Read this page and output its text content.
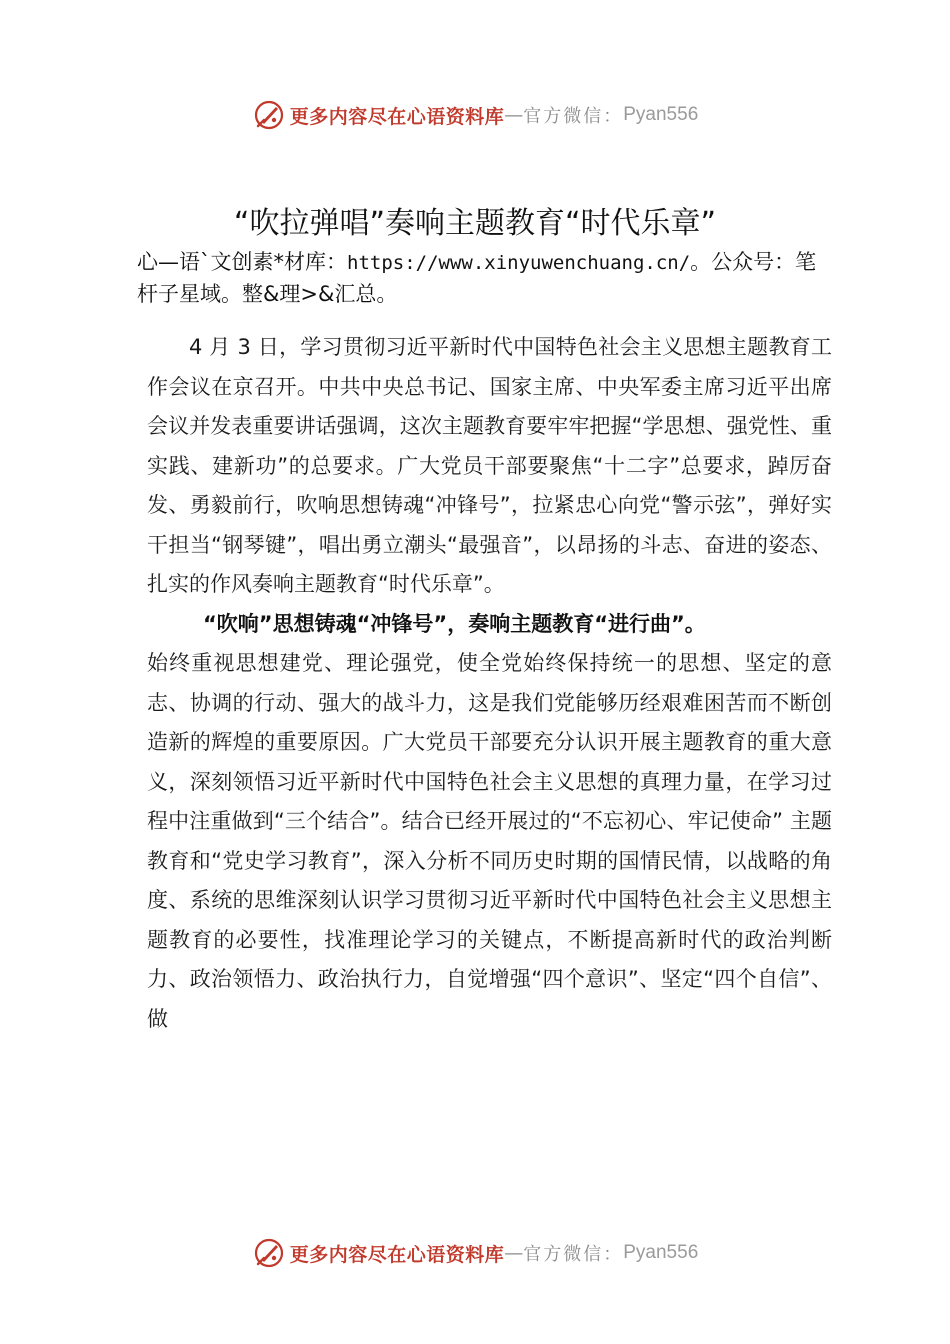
更多内容尽在心语资料库 — 官方微信： Pyan556
“吹拉弹唱”奏响主题教育“时代乐章”
心—语`文创素*材库：https://www.xinyuwenchuang.cn/。公众号：笔杆子星域。整&理>&汇总。

4 月 3 日，学习贯彻习近平新时代中国特色社会主义思想主题教育工作会议在京召开。中共中央总书记、国家主席、中央军委主席习近平出席会议并发表重要讲话强调，这次主题教育要牢牢把握“学思想、强党性、重实践、建新功”的总要求。广大党员干部要聚焦“十二字”总要求，踔厉奋发、勇毅前行，吹响思想铸魂“冲锋号”，拉紧忠心向党“警示弦”，弹好实干担当“钢琴键”，唱出勇立潮头“最强音”，以昂扬的斗志、奋进的姿态、扎实的作风奏响主题教育“时代乐章”。

“吹响”思想铸魂“冲锋号”，奏响主题教育“进行曲”。

始终重视思想建党、理论强党，使全党始终保持统一的思想、坚定的意志、协调的行动、强大的战斗力，这是我们党能够历经艰难困苦而不断创造新的辉煌的重要原因。广大党员干部要充分认识开展主题教育的重大意义，深刻领悟习近平新时代中国特色社会主义思想的真理力量，在学习过程中注重做到“三个结合”。结合已经开展过的“不忘初心、牢记使命” 主题教育和“党史学习教育”，深入分析不同历史时期的国情民情，以战略的角度、系统的思维深刻认识学习贯彻习近平新时代中国特色社会主义思想主题教育的必要性，找准理论学习的关键点，不断提高新时代的政治判断力、政治领悟力、政治执行力，自觉增强“四个意识”、坚定“四个自信”、做

更多内容尽在心语资料库 — 官方微信： Pyan556
